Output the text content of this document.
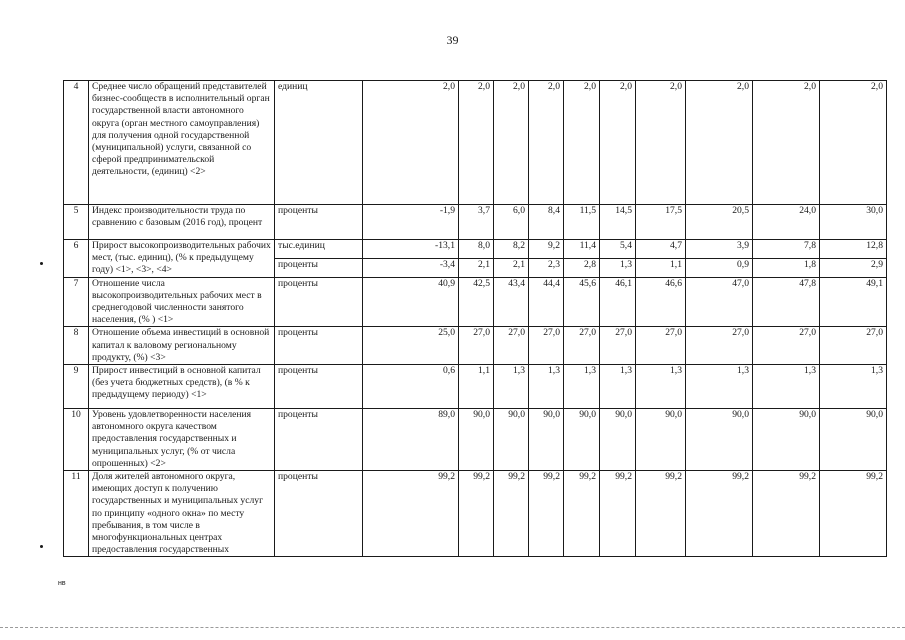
39
4	Среднее число обращений представителей бизнес-сообществ в исполнительный орган государственной власти автономного округа (орган местного самоуправления) для получения одной государственной (муниципальной) услуги, связанной со сферой предпринимательской деятельности, (единиц) <2>	единиц	2,0	2,0	2,0	2,0	2,0	2,0	2,0	2,0	2,0	2,0
5	Индекс производительности труда по сравнению с базовым (2016 год), процент	проценты	-1,9	3,7	6,0	8,4	11,5	14,5	17,5	20,5	24,0	30,0
6	Прирост высокопроизводительных рабочих мест, (тыс. единиц), (% к предыдущему году) <1>, <3>, <4>	тыс.единиц	-13,1	8,0	8,2	9,2	11,4	5,4	4,7	3,9	7,8	12,8
		проценты	-3,4	2,1	2,1	2,3	2,8	1,3	1,1	0,9	1,8	2,9
7	Отношение числа высокопроизводительных рабочих мест в среднегодовой численности занятого населения, (% ) <1>	проценты	40,9	42,5	43,4	44,4	45,6	46,1	46,6	47,0	47,8	49,1
8	Отношение объема инвестиций в основной капитал к валовому региональному продукту, (%) <3>	проценты	25,0	27,0	27,0	27,0	27,0	27,0	27,0	27,0	27,0	27,0
9	Прирост инвестиций в основной капитал (без учета бюджетных средств), (в % к предыдущему периоду) <1>	проценты	0,6	1,1	1,3	1,3	1,3	1,3	1,3	1,3	1,3	1,3
10	Уровень удовлетворенности населения автономного округа качеством предоставления государственных и муниципальных услуг, (% от числа опрошенных) <2>	проценты	89,0	90,0	90,0	90,0	90,0	90,0	90,0	90,0	90,0	90,0
11	Доля жителей автономного округа, имеющих доступ к получению государственных и муниципальных услуг по принципу «одного окна» по месту пребывания, в том числе в многофункциональных центрах предоставления государственных	проценты	99,2	99,2	99,2	99,2	99,2	99,2	99,2	99,2	99,2	99,2
нв
